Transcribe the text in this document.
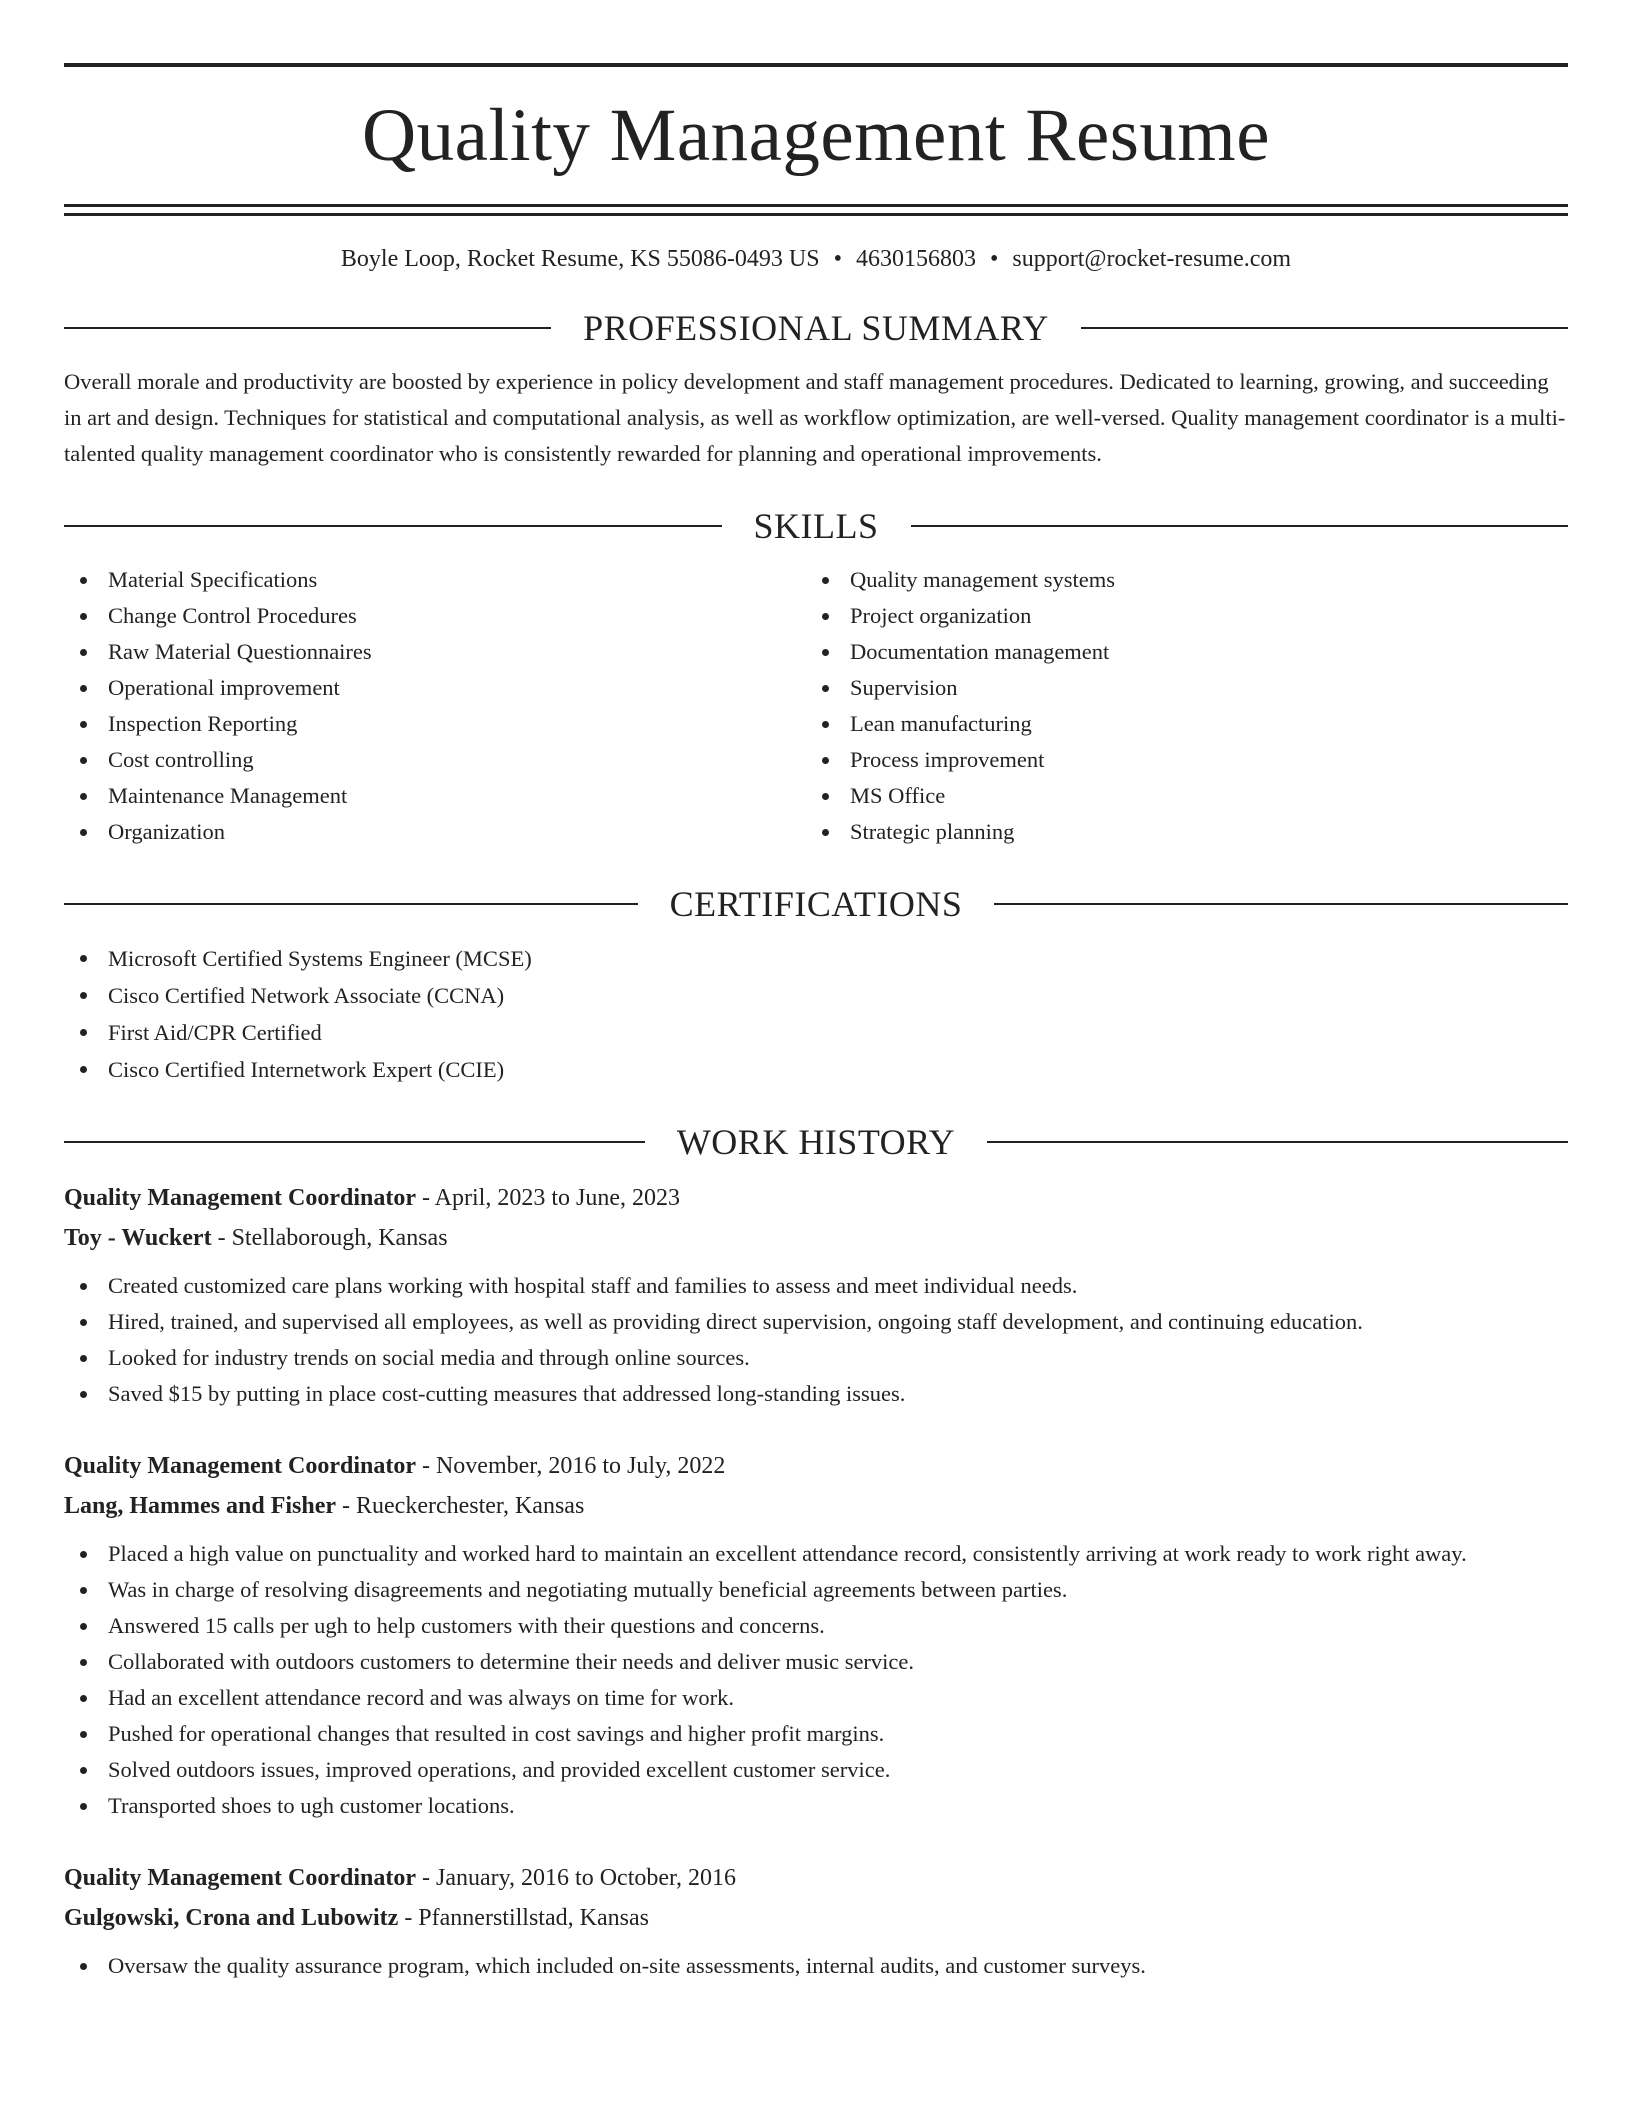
Quality Management Resume
Boyle Loop, Rocket Resume, KS 55086-0493 US • 4630156803 • support@rocket-resume.com
PROFESSIONAL SUMMARY

Overall morale and productivity are boosted by experience in policy development and staff management procedures. Dedicated to learning, growing, and succeeding in art and design. Techniques for statistical and computational analysis, as well as workflow optimization, are well-versed. Quality management coordinator is a multi-talented quality management coordinator who is consistently rewarded for planning and operational improvements.

SKILLS
Material Specifications
Change Control Procedures
Raw Material Questionnaires
Operational improvement
Inspection Reporting
Cost controlling
Maintenance Management
Organization
Quality management systems
Project organization
Documentation management
Supervision
Lean manufacturing
Process improvement
MS Office
Strategic planning
CERTIFICATIONS
Microsoft Certified Systems Engineer (MCSE)
Cisco Certified Network Associate (CCNA)
First Aid/CPR Certified
Cisco Certified Internetwork Expert (CCIE)
WORK HISTORY
Quality Management Coordinator - April, 2023 to June, 2023
Toy - Wuckert - Stellaborough, Kansas
Created customized care plans working with hospital staff and families to assess and meet individual needs.
Hired, trained, and supervised all employees, as well as providing direct supervision, ongoing staff development, and continuing education.
Looked for industry trends on social media and through online sources.
Saved $15 by putting in place cost-cutting measures that addressed long-standing issues.
Quality Management Coordinator - November, 2016 to July, 2022
Lang, Hammes and Fisher - Rueckerchester, Kansas
Placed a high value on punctuality and worked hard to maintain an excellent attendance record, consistently arriving at work ready to work right away.
Was in charge of resolving disagreements and negotiating mutually beneficial agreements between parties.
Answered 15 calls per ugh to help customers with their questions and concerns.
Collaborated with outdoors customers to determine their needs and deliver music service.
Had an excellent attendance record and was always on time for work.
Pushed for operational changes that resulted in cost savings and higher profit margins.
Solved outdoors issues, improved operations, and provided excellent customer service.
Transported shoes to ugh customer locations.
Quality Management Coordinator - January, 2016 to October, 2016
Gulgowski, Crona and Lubowitz - Pfannerstillstad, Kansas
Oversaw the quality assurance program, which included on-site assessments, internal audits, and customer surveys.
